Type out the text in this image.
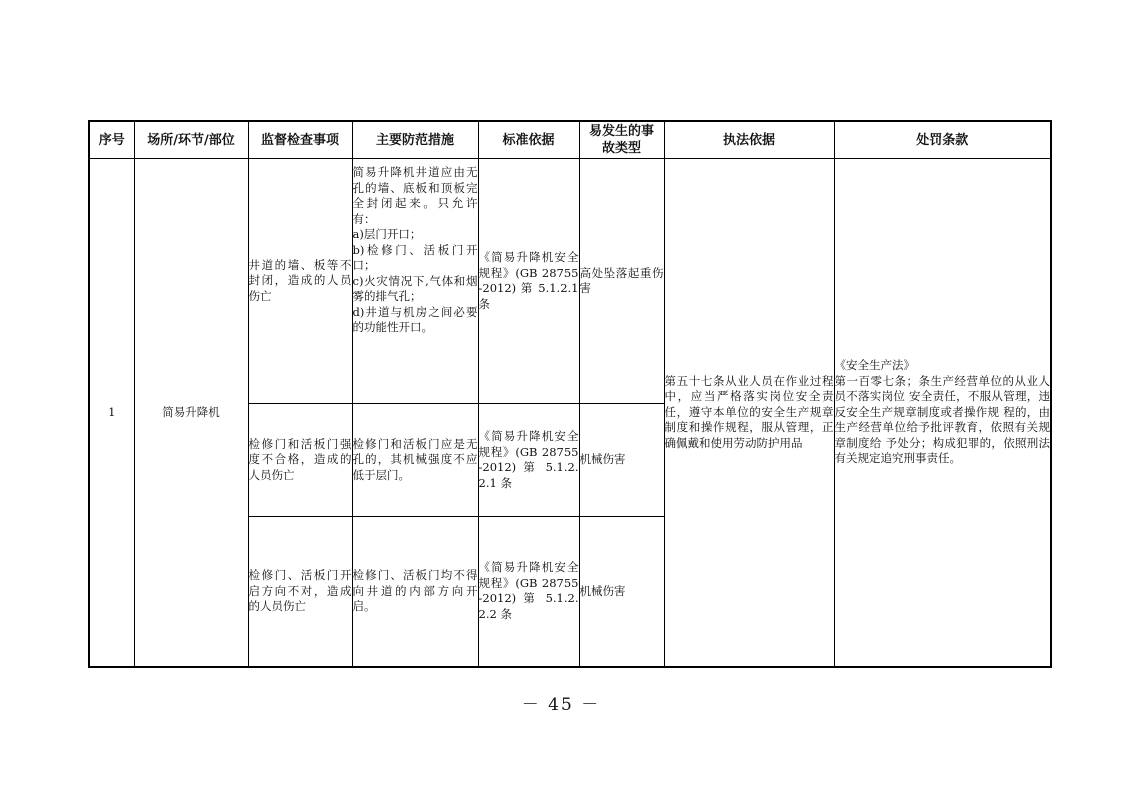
序号	场所/环节/部位	监督检查事项	主要防范措施	标准依据	易发生的事故类型	执法依据	处罚条款
1	简易升降机	井道的墙、板等不封闭，造成的人员伤亡	简易升降机井道应由无孔的墙、底板和顶板完全封闭起来。只允许有：
a)层门开口；
b)检修门、活板门开口；
c)火灾情况下,气体和烟雾的排气孔；
d)井道与机房之间必要的功能性开口。	《简易升降机安全规程》(GB 28755 -2012) 第 5.1.2.1 条	高处坠落起重伤害	第五十七条从业人员在作业过程中，应当严格落实岗位安全责任，遵守本单位的安全生产规章制度和操作规程，服从管理，正确佩戴和使用劳动防护用品	《安全生产法》
第一百零七条；条生产经营单位的从业人员不落实岗位 安全责任，不服从管理，违反安全生产规章制度或者操作规 程的，由生产经营单位给予批评教育，依照有关规章制度给 予处分；构成犯罪的，依照刑法有关规定追究刑事责任。
		检修门和活板门强度不合格，造成的人员伤亡	检修门和活板门应是无孔的，其机械强度不应低于层门。	《简易升降机安全规程》(GB 28755 -2012) 第 5.1.2.2.1 条	机械伤害		
		检修门、活板门开启方向不对，造成的人员伤亡	检修门、活板门均不得向井道的内部方向开启。	《简易升降机安全规程》(GB 28755 -2012) 第 5.1.2.2.2 条	机械伤害		
－ 45 －
